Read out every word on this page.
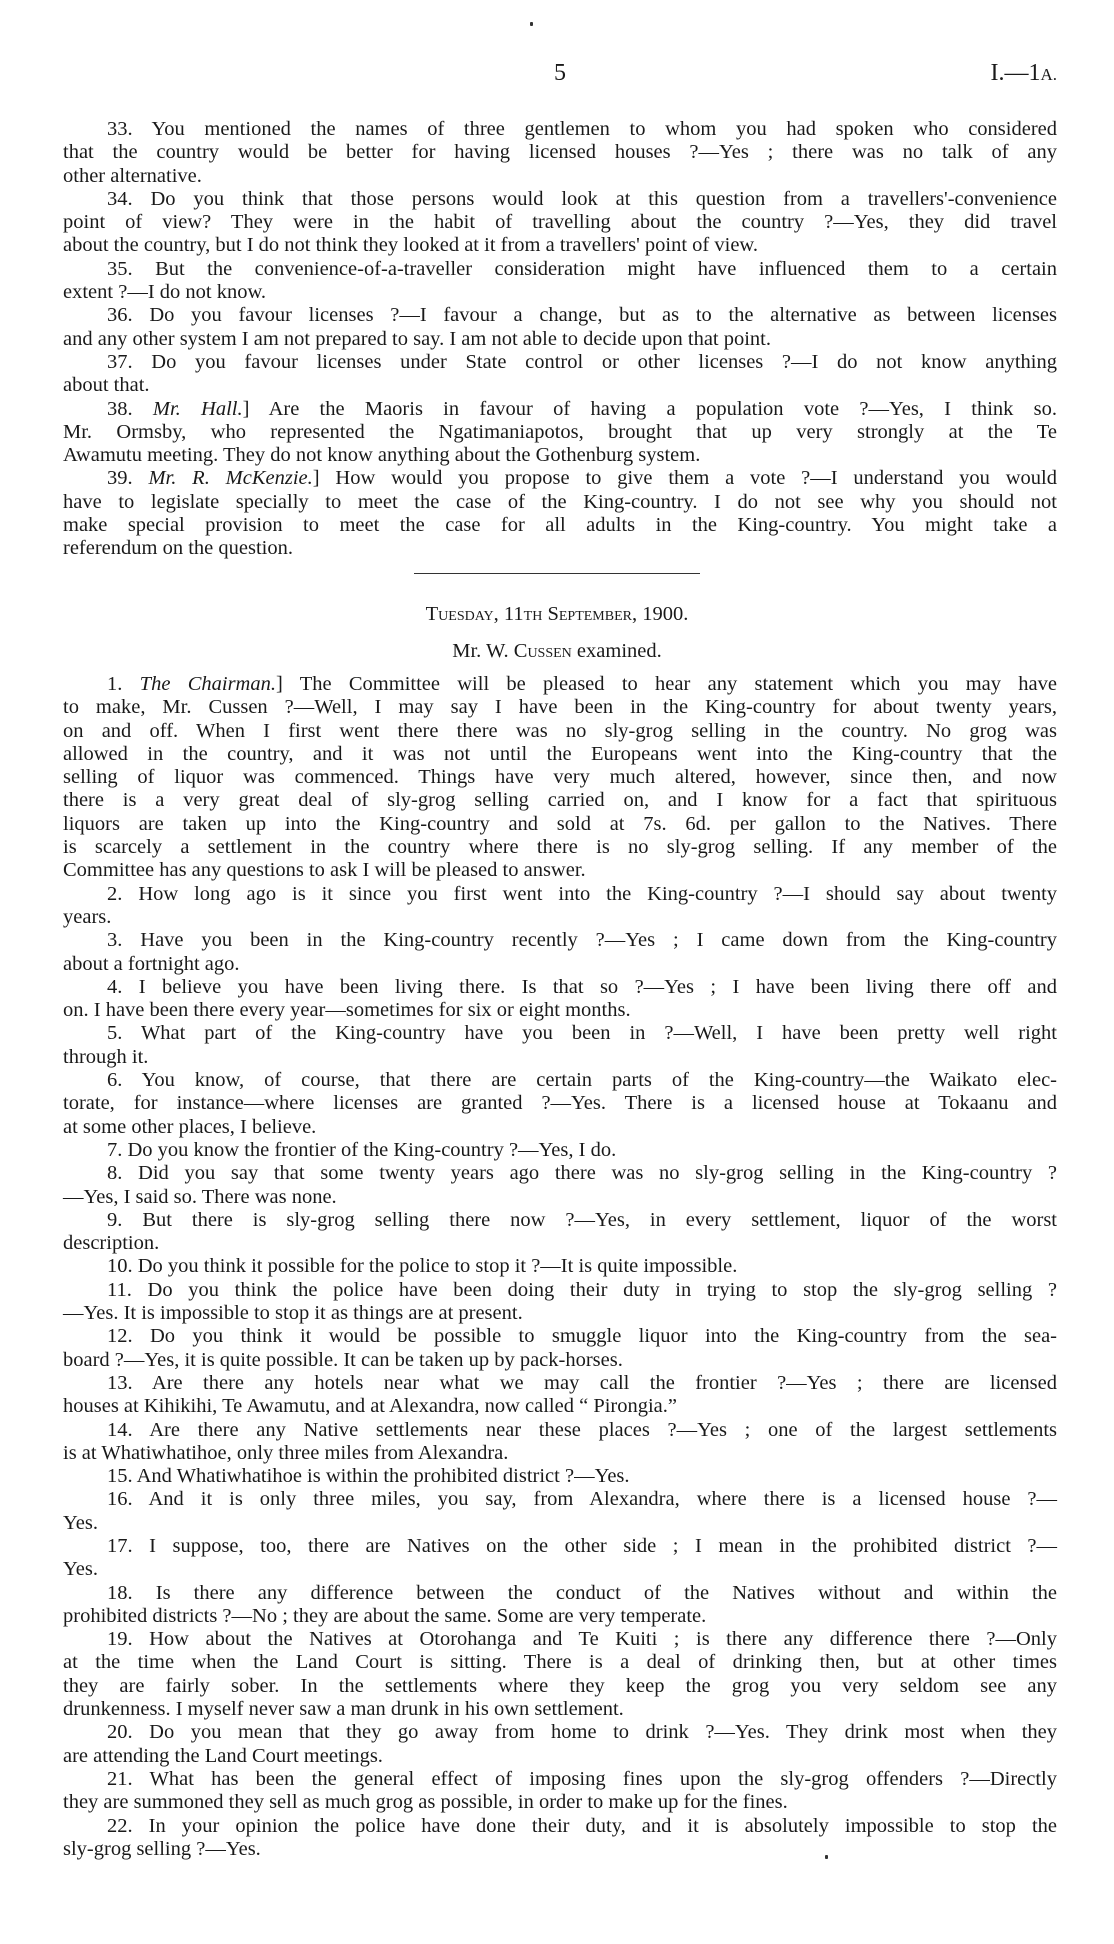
5	I.—1A.
33. You mentioned the names of three gentlemen to whom you had spoken who considered
that the country would be better for having licensed houses ?—Yes ; there was no talk of any
other alternative.
34. Do you think that those persons would look at this question from a travellers'-convenience
point of view? They were in the habit of travelling about the country ?—Yes, they did travel
about the country, but I do not think they looked at it from a travellers' point of view.
35. But the convenience-of-a-traveller consideration might have influenced them to a certain
extent ?—I do not know.
36. Do you favour licenses ?—I favour a change, but as to the alternative as between licenses
and any other system I am not prepared to say. I am not able to decide upon that point.
37. Do you favour licenses under State control or other licenses ?—I do not know anything
about that.
38. Mr. Hall.] Are the Maoris in favour of having a population vote ?—Yes, I think so.
Mr. Ormsby, who represented the Ngatimaniapotos, brought that up very strongly at the Te
Awamutu meeting. They do not know anything about the Gothenburg system.
39. Mr. R. McKenzie.] How would you propose to give them a vote ?—I understand you would
have to legislate specially to meet the case of the King-country. I do not see why you should not
make special provision to meet the case for all adults in the King-country. You might take a
referendum on the question.
Tuesday, 11th September, 1900.
Mr. W. Cussen examined.
1. The Chairman.] The Committee will be pleased to hear any statement which you may have
to make, Mr. Cussen ?—Well, I may say I have been in the King-country for about twenty years,
on and off. When I first went there there was no sly-grog selling in the country. No grog was
allowed in the country, and it was not until the Europeans went into the King-country that the
selling of liquor was commenced. Things have very much altered, however, since then, and now
there is a very great deal of sly-grog selling carried on, and I know for a fact that spirituous
liquors are taken up into the King-country and sold at 7s. 6d. per gallon to the Natives. There
is scarcely a settlement in the country where there is no sly-grog selling. If any member of the
Committee has any questions to ask I will be pleased to answer.
2. How long ago is it since you first went into the King-country ?—I should say about twenty
years.
3. Have you been in the King-country recently ?—Yes ; I came down from the King-country
about a fortnight ago.
4. I believe you have been living there. Is that so ?—Yes ; I have been living there off and
on. I have been there every year—sometimes for six or eight months.
5. What part of the King-country have you been in ?—Well, I have been pretty well right
through it.
6. You know, of course, that there are certain parts of the King-country—the Waikato elec-
torate, for instance—where licenses are granted ?—Yes. There is a licensed house at Tokaanu and
at some other places, I believe.
7. Do you know the frontier of the King-country ?—Yes, I do.
8. Did you say that some twenty years ago there was no sly-grog selling in the King-country ?
—Yes, I said so. There was none.
9. But there is sly-grog selling there now ?—Yes, in every settlement, liquor of the worst
description.
10. Do you think it possible for the police to stop it ?—It is quite impossible.
11. Do you think the police have been doing their duty in trying to stop the sly-grog selling ?
—Yes. It is impossible to stop it as things are at present.
12. Do you think it would be possible to smuggle liquor into the King-country from the sea-
board ?—Yes, it is quite possible. It can be taken up by pack-horses.
13. Are there any hotels near what we may call the frontier ?—Yes ; there are licensed
houses at Kihikihi, Te Awamutu, and at Alexandra, now called “ Pirongia.”
14. Are there any Native settlements near these places ?—Yes ; one of the largest settlements
is at Whatiwhatihoe, only three miles from Alexandra.
15. And Whatiwhatihoe is within the prohibited district ?—Yes.
16. And it is only three miles, you say, from Alexandra, where there is a licensed house ?—
Yes.
17. I suppose, too, there are Natives on the other side ; I mean in the prohibited district ?—
Yes.
18. Is there any difference between the conduct of the Natives without and within the
prohibited districts ?—No ; they are about the same. Some are very temperate.
19. How about the Natives at Otorohanga and Te Kuiti ; is there any difference there ?—Only
at the time when the Land Court is sitting. There is a deal of drinking then, but at other times
they are fairly sober. In the settlements where they keep the grog you very seldom see any
drunkenness. I myself never saw a man drunk in his own settlement.
20. Do you mean that they go away from home to drink ?—Yes. They drink most when they
are attending the Land Court meetings.
21. What has been the general effect of imposing fines upon the sly-grog offenders ?—Directly
they are summoned they sell as much grog as possible, in order to make up for the fines.
22. In your opinion the police have done their duty, and it is absolutely impossible to stop the
sly-grog selling ?—Yes.
